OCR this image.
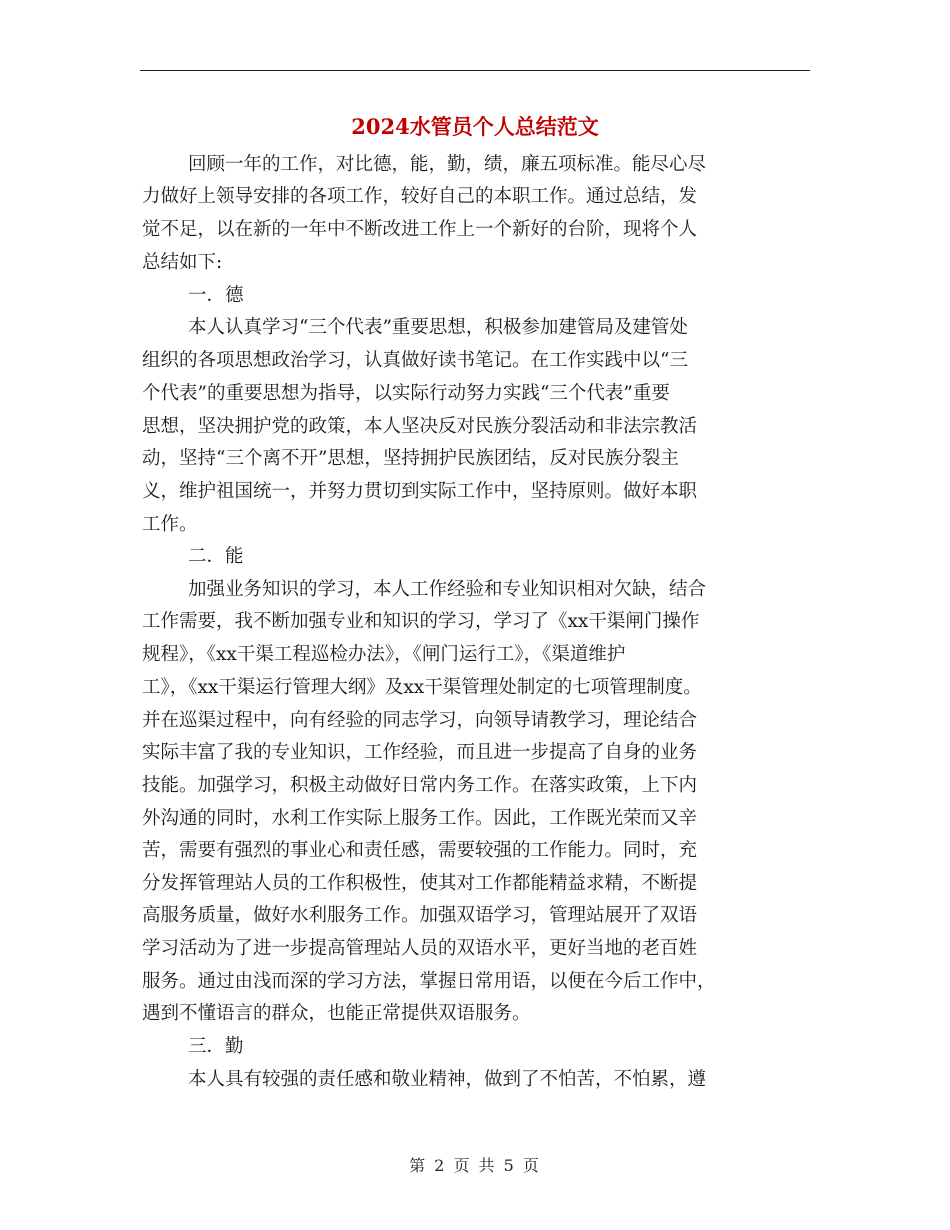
2024水管员个人总结范文
回顾一年的工作，对比德，能，勤，绩，廉五项标准。能尽心尽
力做好上领导安排的各项工作，较好自己的本职工作。通过总结，发
觉不足，以在新的一年中不断改进工作上一个新好的台阶，现将个人
总结如下:
一．德
本人认真学习“三个代表”重要思想，积极参加建管局及建管处
组织的各项思想政治学习，认真做好读书笔记。在工作实践中以“三
个代表”的重要思想为指导，以实际行动努力实践“三个代表”重要
思想，坚决拥护党的政策，本人坚决反对民族分裂活动和非法宗教活
动，坚持“三个离不开”思想，坚持拥护民族团结，反对民族分裂主
义，维护祖国统一，并努力贯切到实际工作中，坚持原则。做好本职
工作。
二．能
加强业务知识的学习，本人工作经验和专业知识相对欠缺，结合
工作需要，我不断加强专业和知识的学习，学习了《xx干渠闸门操作
规程》，《xx干渠工程巡检办法》，《闸门运行工》，《渠道维护
工》，《xx干渠运行管理大纲》及xx干渠管理处制定的七项管理制度。
并在巡渠过程中，向有经验的同志学习，向领导请教学习，理论结合
实际丰富了我的专业知识，工作经验，而且进一步提高了自身的业务
技能。加强学习，积极主动做好日常内务工作。在落实政策，上下内
外沟通的同时，水利工作实际上服务工作。因此，工作既光荣而又辛
苦，需要有强烈的事业心和责任感，需要较强的工作能力。同时，充
分发挥管理站人员的工作积极性，使其对工作都能精益求精，不断提
高服务质量，做好水利服务工作。加强双语学习，管理站展开了双语
学习活动为了进一步提高管理站人员的双语水平，更好当地的老百姓
服务。通过由浅而深的学习方法，掌握日常用语，以便在今后工作中，
遇到不懂语言的群众，也能正常提供双语服务。
三．勤
本人具有较强的责任感和敬业精神，做到了不怕苦，不怕累，遵
第 2 页 共 5 页
